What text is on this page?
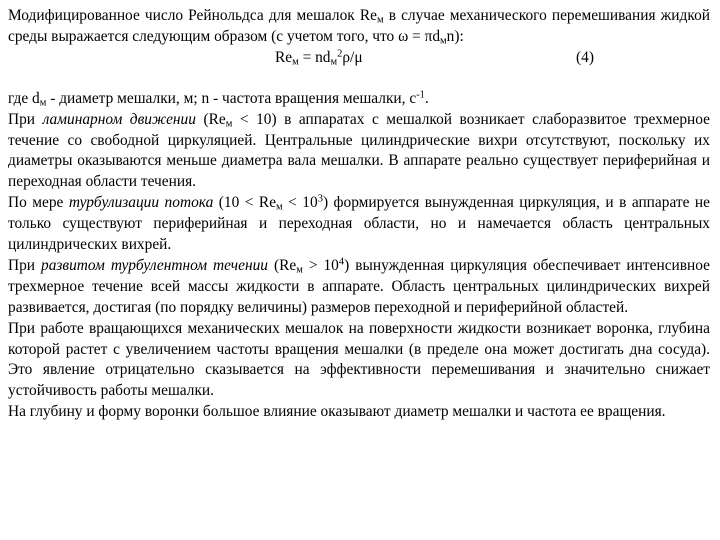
Модифицированное число Рейнольдса для мешалок $Re_м$ в случае механического перемешивания жидкой среды выражается следующим образом (с учетом того, что $\omega = \pi d_мn$):

$Re_м = nd_м^2\rho/\mu$	(4)

где $d_м$ - диаметр мешалки, м; n - частота вращения мешалки, $с^{-1}$.

При ламинарном движении $(Re_м < 10)$ в аппаратах с мешалкой возникает слаборазвитое трехмерное течение со свободной циркуляцией. Центральные цилиндрические вихри отсутствуют, поскольку их диаметры оказываются меньше диаметра вала мешалки. В аппарате реально существует периферийная и переходная области течения.

По мере турбулизации потока $(10 < Re_м < 10^3)$ формируется вынужденная циркуляция, и в аппарате не только существуют периферийная и переходная области, но и намечается область центральных цилиндрических вихрей.

При развитом турбулентном течении $(Re_м > 10^4)$ вынужденная циркуляция обеспечивает интенсивное трехмерное течение всей массы жидкости в аппарате. Область центральных цилиндрических вихрей развивается, достигая (по порядку величины) размеров переходной и периферийной областей.

При работе вращающихся механических мешалок на поверхности жидкости возникает воронка, глубина которой растет с увеличением частоты вращения мешалки (в пределе она может достигать дна сосуда). Это явление отрицательно сказывается на эффективности перемешивания и значительно снижает устойчивость работы мешалки.

На глубину и форму воронки большое влияние оказывают диаметр мешалки и частота ее вращения.
